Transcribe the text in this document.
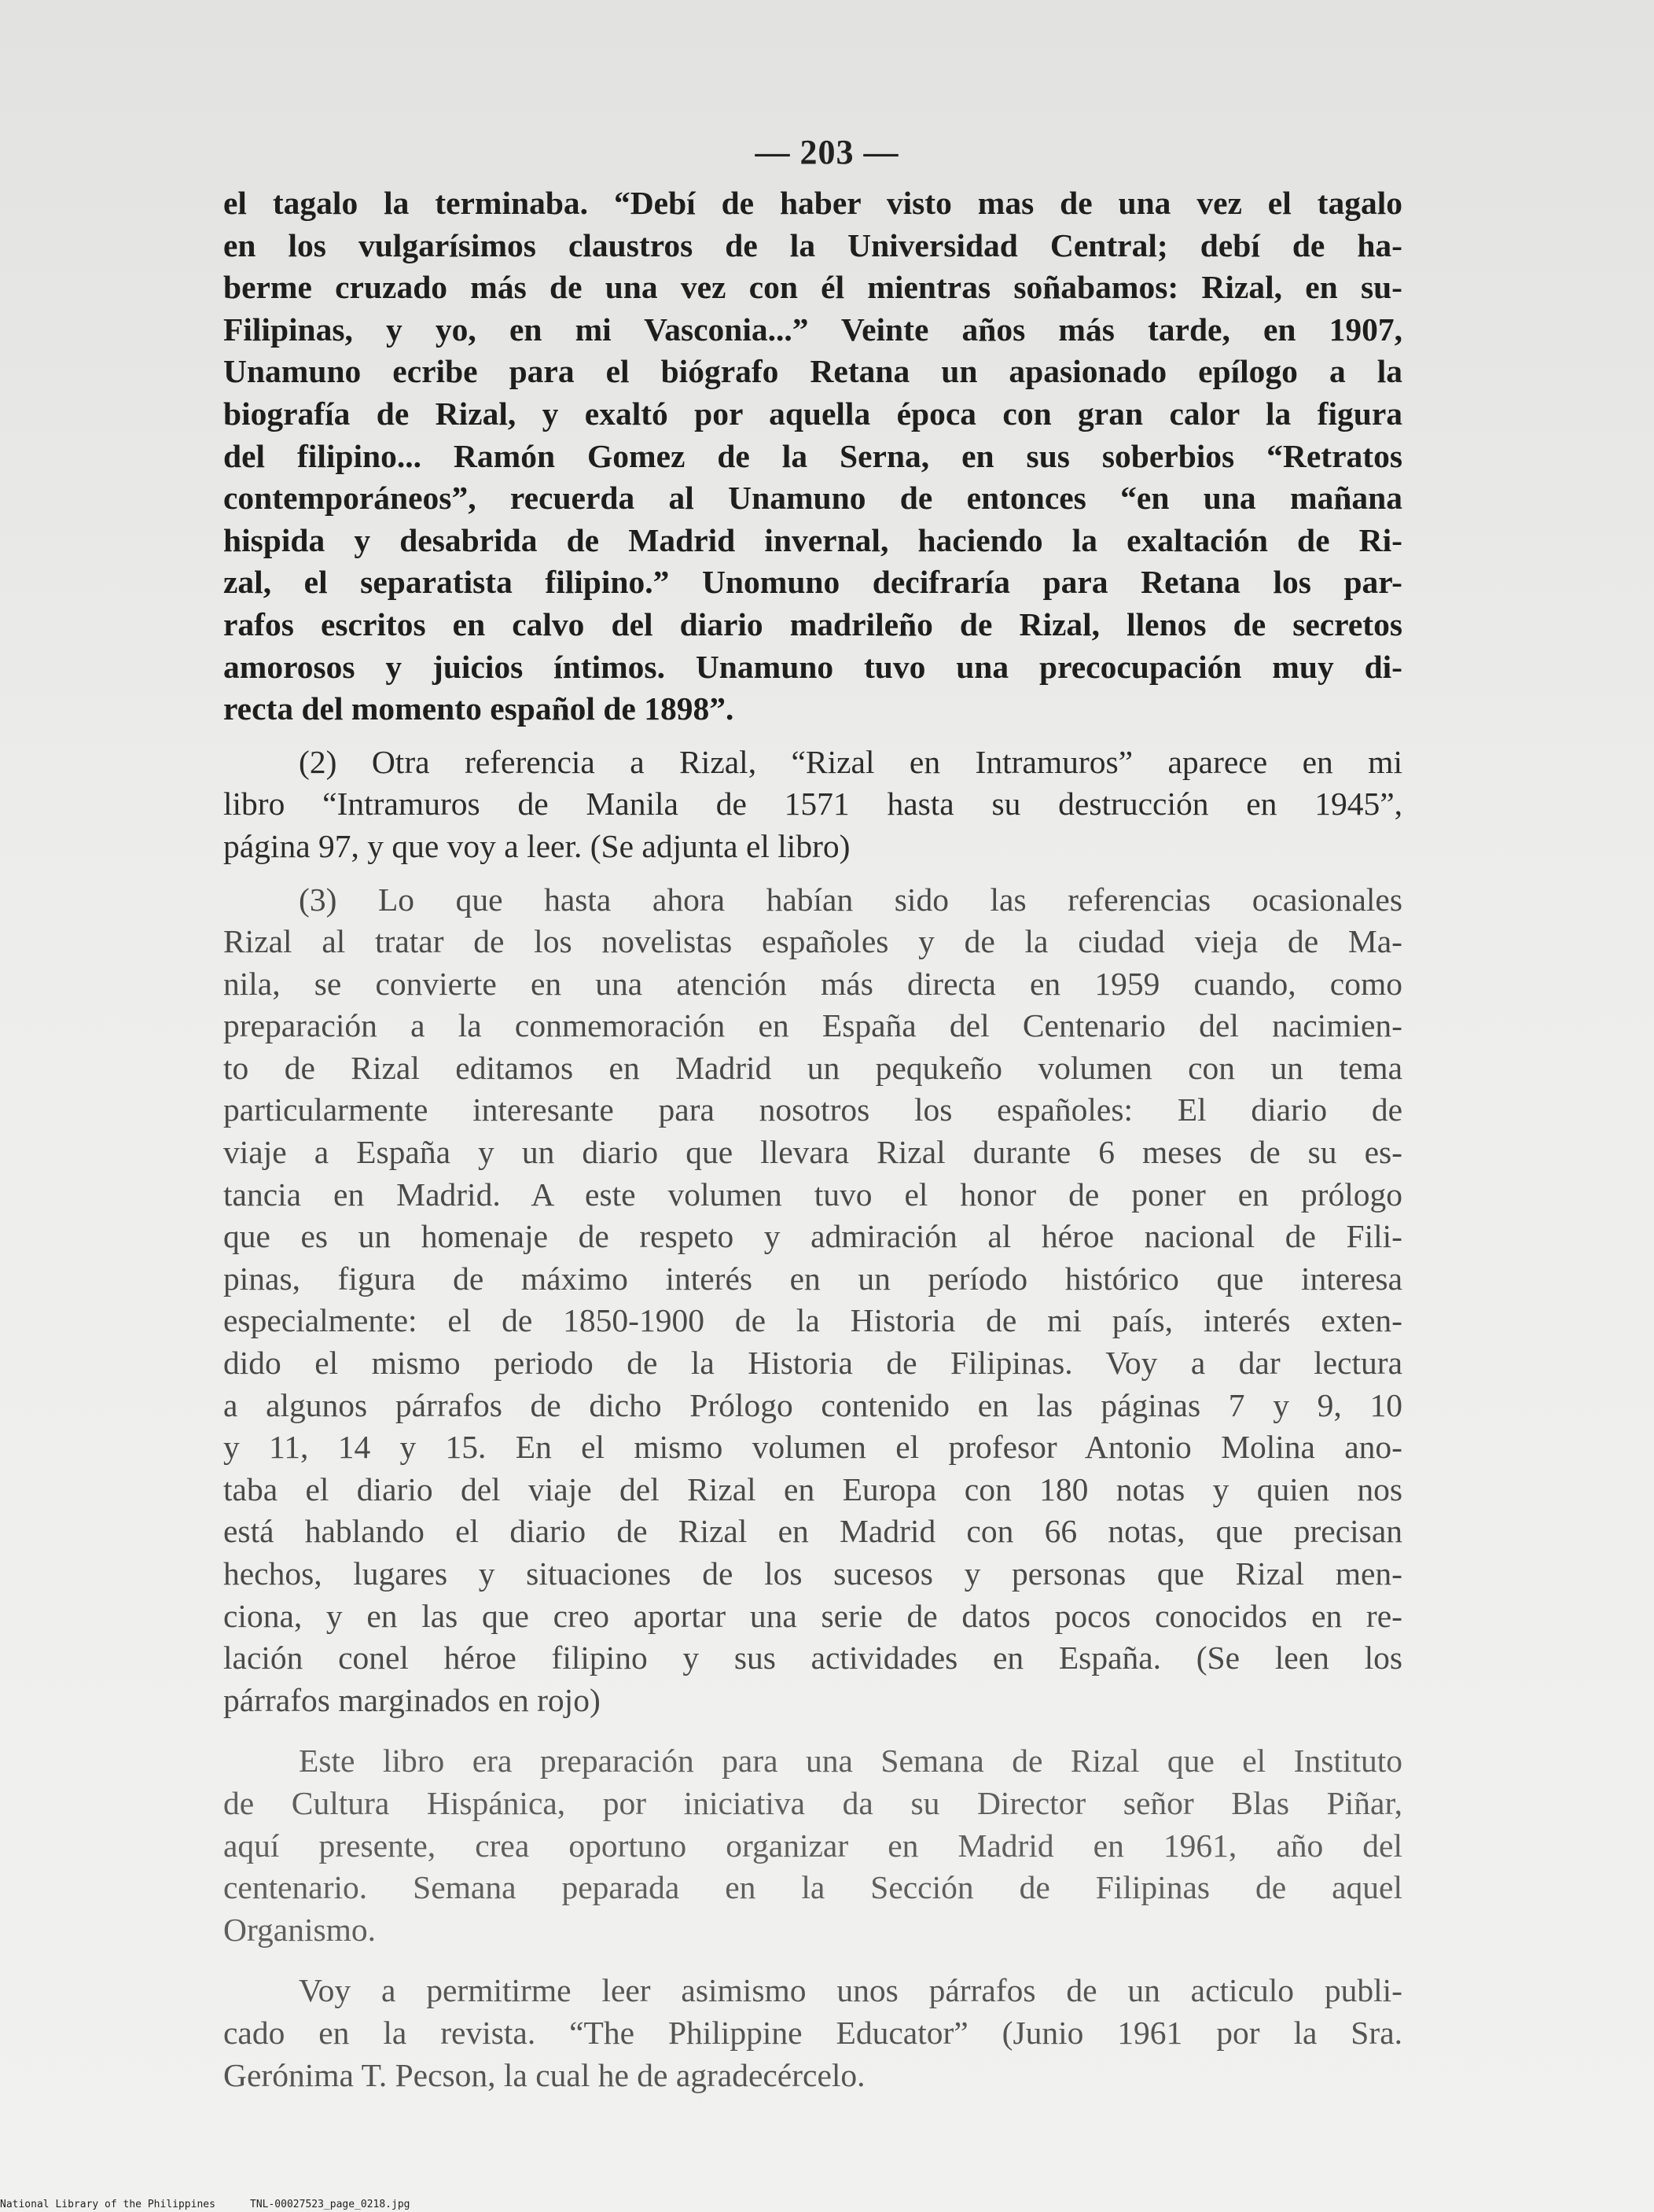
— 203 —

el tagalo la terminaba. “Debí de haber visto mas de una vez el tagalo
en los vulgarísimos claustros de la Universidad Central; debí de ha-
berme cruzado más de una vez con él mientras soñabamos: Rizal, en su-
Filipinas, y yo, en mi Vasconia...” Veinte años más tarde, en 1907,
Unamuno ecribe para el biógrafo Retana un apasionado epílogo a la
biografía de Rizal, y exaltó por aquella época con gran calor la figura
del filipino... Ramón Gomez de la Serna, en sus soberbios “Retratos
contemporáneos”, recuerda al Unamuno de entonces “en una mañana
hispida y desabrida de Madrid invernal, haciendo la exaltación de Ri-
zal, el separatista filipino.” Unomuno decifraría para Retana los par-
rafos escritos en calvo del diario madrileño de Rizal, llenos de secretos
amorosos y juicios íntimos. Unamuno tuvo una precocupación muy di-
recta del momento español de 1898”.

(2) Otra referencia a Rizal, “Rizal en Intramuros” aparece en mi
libro “Intramuros de Manila de 1571 hasta su destrucción en 1945”,
página 97, y que voy a leer. (Se adjunta el libro)

(3) Lo que hasta ahora habían sido las referencias ocasionales
Rizal al tratar de los novelistas españoles y de la ciudad vieja de Ma-
nila, se convierte en una atención más directa en 1959 cuando, como
preparación a la conmemoración en España del Centenario del nacimien-
to de Rizal editamos en Madrid un pequkeño volumen con un tema
particularmente interesante para nosotros los españoles: El diario de
viaje a España y un diario que llevara Rizal durante 6 meses de su es-
tancia en Madrid. A este volumen tuvo el honor de poner en prólogo
que es un homenaje de respeto y admiración al héroe nacional de Fili-
pinas, figura de máximo interés en un período histórico que interesa
especialmente: el de 1850-1900 de la Historia de mi país, interés exten-
dido el mismo periodo de la Historia de Filipinas. Voy a dar lectura
a algunos párrafos de dicho Prólogo contenido en las páginas 7 y 9, 10
y 11, 14 y 15. En el mismo volumen el profesor Antonio Molina ano-
taba el diario del viaje del Rizal en Europa con 180 notas y quien nos
está hablando el diario de Rizal en Madrid con 66 notas, que precisan
hechos, lugares y situaciones de los sucesos y personas que Rizal men-
ciona, y en las que creo aportar una serie de datos pocos conocidos en re-
lación conel héroe filipino y sus actividades en España. (Se leen los
párrafos marginados en rojo)

Este libro era preparación para una Semana de Rizal que el Instituto
de Cultura Hispánica, por iniciativa da su Director señor Blas Piñar,
aquí presente, crea oportuno organizar en Madrid en 1961, año del
centenario. Semana peparada en la Sección de Filipinas de aquel
Organismo.

Voy a permitirme leer asimismo unos párrafos de un acticulo publi-
cado en la revista. “The Philippine Educator” (Junio 1961 por la Sra.
Gerónima T. Pecson, la cual he de agradecércelo.

National Library of the Philippines	TNL-00027523_page_0218.jpg
